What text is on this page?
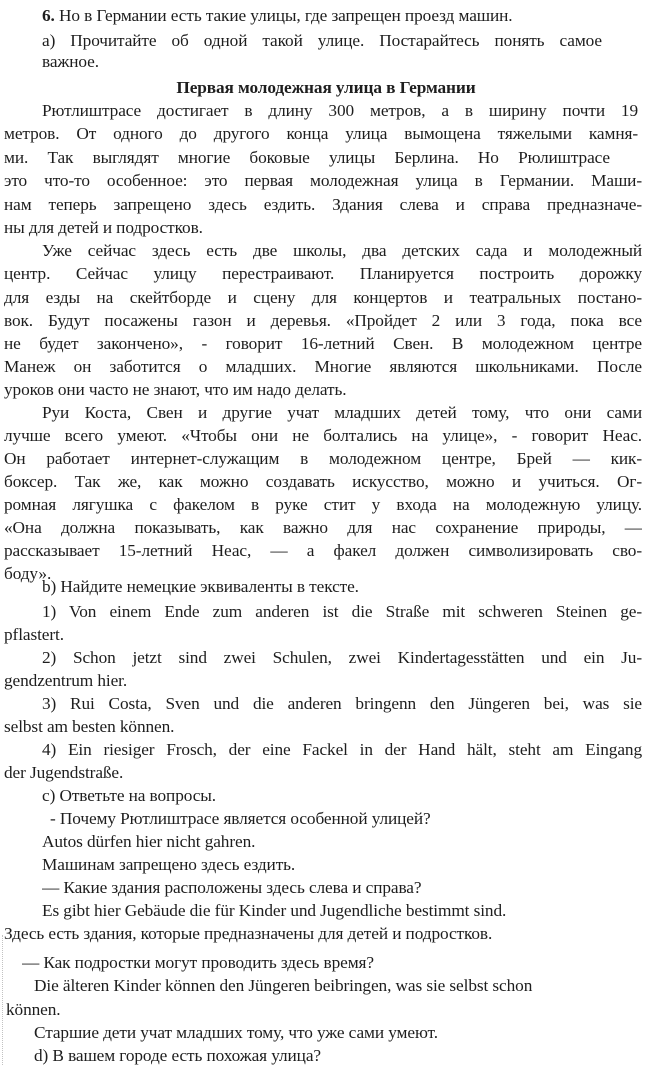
6. Но в Германии есть такие улицы, где запрещен проезд машин.

а) Прочитайте об одной такой улице. Постарайтесь понять самое

важное.

Первая молодежная улица в Германии

Рютлиштрасе достигает в длину 300 метров, а в ширину почти 19

метров. От одного до другого конца улица вымощена тяжелыми камня-

ми. Так выглядят многие боковые улицы Берлина. Но Рюлиштрасе

это что-то особенное: это первая молодежная улица в Германии. Маши-

нам теперь запрещено здесь ездить. Здания слева и справа предназначе-

ны для детей и подростков.

Уже сейчас здесь есть две школы, два детских сада и молодежный

центр. Сейчас улицу перестраивают. Планируется построить дорожку

для езды на скейтборде и сцену для концертов и театральных постано-

вок. Будут посажены газон и деревья. «Пройдет 2 или 3 года, пока все

не будет закончено», - говорит 16-летний Свен. В молодежном центре

Манеж он заботится о младших. Многие являются школьниками. После

уроков они часто не знают, что им надо делать.

Руи Коста, Свен и другие учат младших детей тому, что они сами

лучше всего умеют. «Чтобы они не болтались на улице», - говорит Неас.

Он работает интернет-служащим в молодежном центре, Брей — кик-

боксер. Так же, как можно создавать искусство, можно и учиться. Ог-

ромная лягушка с факелом в руке стит у входа на молодежную улицу.

«Она должна показывать, как важно для нас сохранение природы, —

рассказывает 15-летний Неас, — а факел должен символизировать сво-

боду».

b) Найдите немецкие эквиваленты в тексте.

1) Von einem Ende zum anderen ist die Straße mit schweren Steinen ge-

pflastert.

2) Schon jetzt sind zwei Schulen, zwei Kindertagesstätten und ein Ju-

gendzentrum hier.

3) Rui Costa, Sven und die anderen bringenn den Jüngeren bei, was sie

selbst am besten können.

4) Ein riesiger Frosch, der eine Fackel in der Hand hält, steht am Eingang

der Jugendstraße.

c) Ответьте на вопросы.

- Почему Рютлиштрасе является особенной улицей?

Autos dürfen hier nicht gahren.

Машинам запрещено здесь ездить.

— Какие здания расположены здесь слева и справа?

Es gibt hier Gebäude die für Kinder und Jugendliche bestimmt sind.

Здесь есть здания, которые предназначены для детей и подростков.

— Как подростки могут проводить здесь время?

Die älteren Kinder können den Jüngeren beibringen, was sie selbst schon

können.

Старшие дети учат младших тому, что уже сами умеют.

d) В вашем городе есть похожая улица?
